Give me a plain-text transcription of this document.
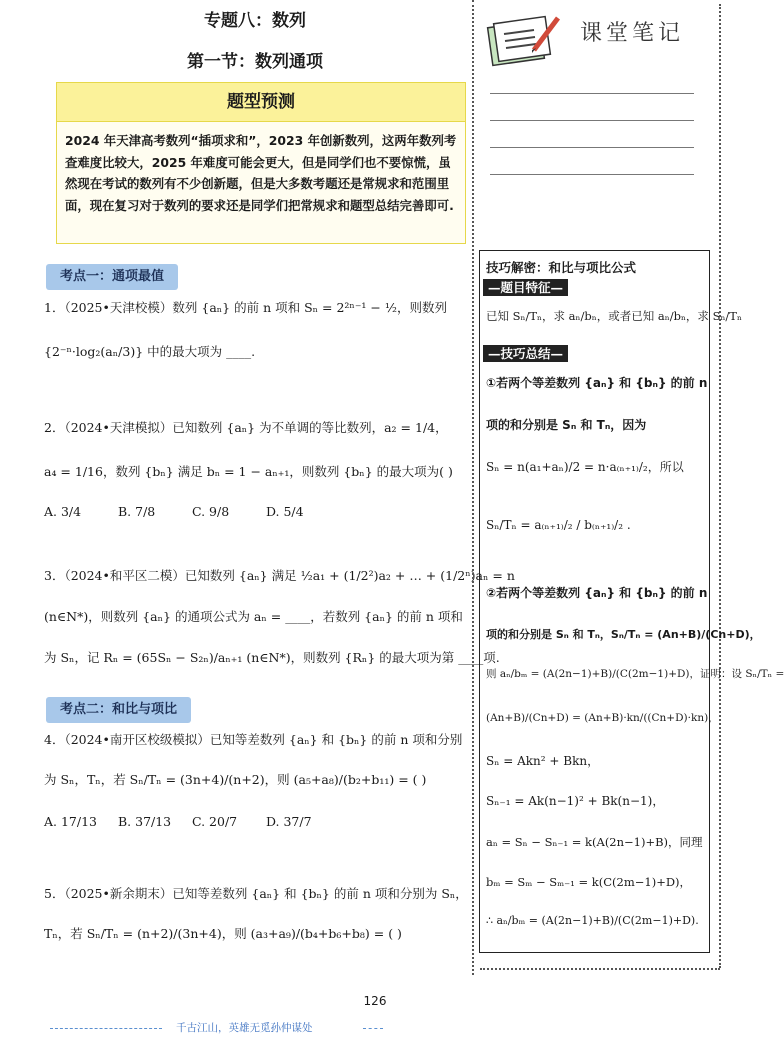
专题八：数列
第一节：数列通项
题型预测
2024 年天津高考数列“插项求和”，2023 年创新数列，这两年数列考查难度比较大，2025 年难度可能会更大，但是同学们也不要惊慌，虽然现在考试的数列有不少创新题，但是大多数考题还是常规求和范围里面，现在复习对于数列的要求还是同学们把常规求和题型总结完善即可.
考点一：通项最值
1．（2025•天津校模）数列 {aₙ} 的前 n 项和 Sₙ = 2²ⁿ⁻¹ − ½，则数列
{2⁻ⁿ·log₂(aₙ/3)} 中的最大项为 ____.
2．（2024•天津模拟）已知数列 {aₙ} 为不单调的等比数列，a₂ = 1/4，
a₄ = 1/16，数列 {bₙ} 满足 bₙ = 1 − aₙ₊₁，则数列 {bₙ} 的最大项为( )
A. 3/4	B. 7/8	C. 9/8	D. 5/4
3．（2024•和平区二模）已知数列 {aₙ} 满足 ½a₁ + (1/2²)a₂ + … + (1/2ⁿ)aₙ = n
(n∈N*)，则数列 {aₙ} 的通项公式为 aₙ = ____，若数列 {aₙ} 的前 n 项和
为 Sₙ，记 Rₙ = (65Sₙ − S₂ₙ)/aₙ₊₁ (n∈N*)，则数列 {Rₙ} 的最大项为第 ____项.
考点二：和比与项比
4．（2024•南开区校级模拟）已知等差数列 {aₙ} 和 {bₙ} 的前 n 项和分别
为 Sₙ，Tₙ，若 Sₙ/Tₙ = (3n+4)/(n+2)，则 (a₅+a₈)/(b₂+b₁₁) = ( )
A. 17/13 B. 37/13 C. 20/7 D. 37/7
5．（2025•新余期末）已知等差数列 {aₙ} 和 {bₙ} 的前 n 项和分别为 Sₙ，
Tₙ，若 Sₙ/Tₙ = (n+2)/(3n+4)，则 (a₃+a₉)/(b₄+b₆+b₈) = ( )
课堂笔记
技巧解密：和比与项比公式
—题目特征—
已知 Sₙ/Tₙ，求 aₙ/bₙ，或者已知 aₙ/bₙ，求 Sₙ/Tₙ
—技巧总结—
①若两个等差数列 {aₙ} 和 {bₙ} 的前 n
项的和分别是 Sₙ 和 Tₙ，因为
Sₙ = n(a₁+aₙ)/2 = n·a₍ₙ₊₁₎/₂，所以
Sₙ/Tₙ = a₍ₙ₊₁₎/₂ / b₍ₙ₊₁₎/₂ .
②若两个等差数列 {aₙ} 和 {bₙ} 的前 n
项的和分别是 Sₙ 和 Tₙ，Sₙ/Tₙ = (An+B)/(Cn+D)，
则 aₙ/bₘ = (A(2n−1)+B)/(C(2m−1)+D)，证明：设 Sₙ/Tₙ =
(An+B)/(Cn+D) = (An+B)·kn/((Cn+D)·kn)，
Sₙ = Akn² + Bkn，
Sₙ₋₁ = Ak(n−1)² + Bk(n−1)，
aₙ = Sₙ − Sₙ₋₁ = k(A(2n−1)+B)，同理
bₘ = Sₘ − Sₘ₋₁ = k(C(2m−1)+D)，
∴ aₙ/bₘ = (A(2n−1)+B)/(C(2m−1)+D).
126
千古江山，英雄无觅孙仲谋处
